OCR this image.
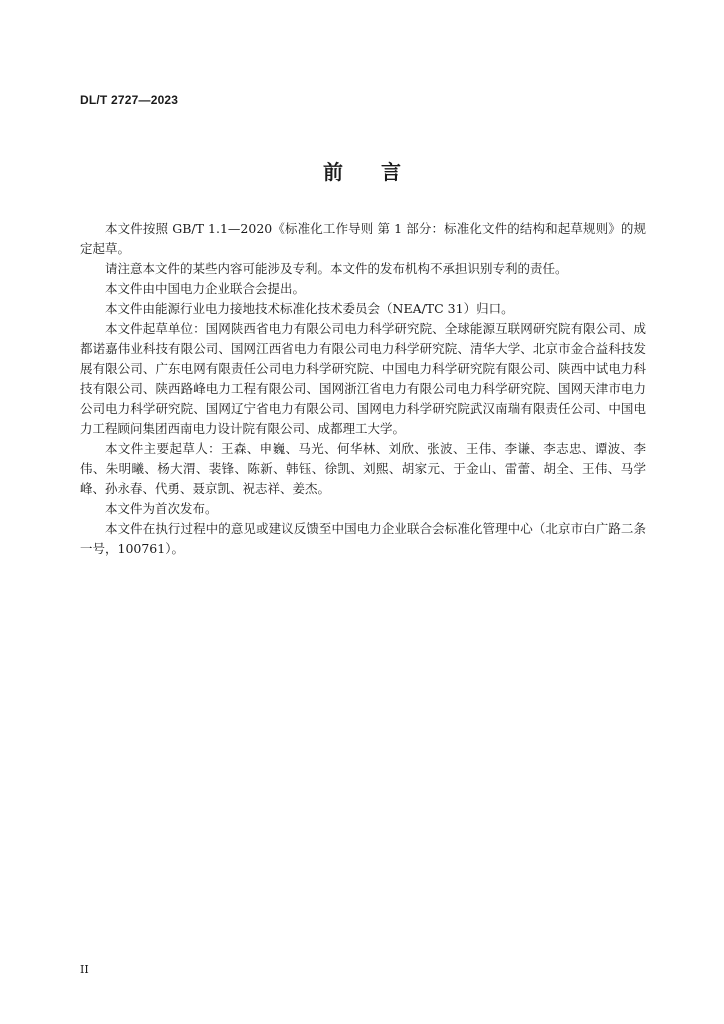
DL/T 2727—2023
前言

本文件按照 GB/T 1.1—2020《标准化工作导则 第 1 部分：标准化文件的结构和起草规则》的规定起草。

请注意本文件的某些内容可能涉及专利。本文件的发布机构不承担识别专利的责任。

本文件由中国电力企业联合会提出。

本文件由能源行业电力接地技术标准化技术委员会（NEA/TC 31）归口。

本文件起草单位：国网陕西省电力有限公司电力科学研究院、全球能源互联网研究院有限公司、成都诺嘉伟业科技有限公司、国网江西省电力有限公司电力科学研究院、清华大学、北京市金合益科技发展有限公司、广东电网有限责任公司电力科学研究院、中国电力科学研究院有限公司、陕西中试电力科技有限公司、陕西路峰电力工程有限公司、国网浙江省电力有限公司电力科学研究院、国网天津市电力公司电力科学研究院、国网辽宁省电力有限公司、国网电力科学研究院武汉南瑞有限责任公司、中国电力工程顾问集团西南电力设计院有限公司、成都理工大学。

本文件主要起草人：王森、申巍、马光、何华林、刘欣、张波、王伟、李谦、李志忠、谭波、李伟、朱明曦、杨大渭、裴锋、陈新、韩钰、徐凯、刘熙、胡家元、于金山、雷蕾、胡全、王伟、马学峰、孙永春、代勇、聂京凯、祝志祥、姜杰。

本文件为首次发布。

本文件在执行过程中的意见或建议反馈至中国电力企业联合会标准化管理中心（北京市白广路二条一号，100761）。

II
